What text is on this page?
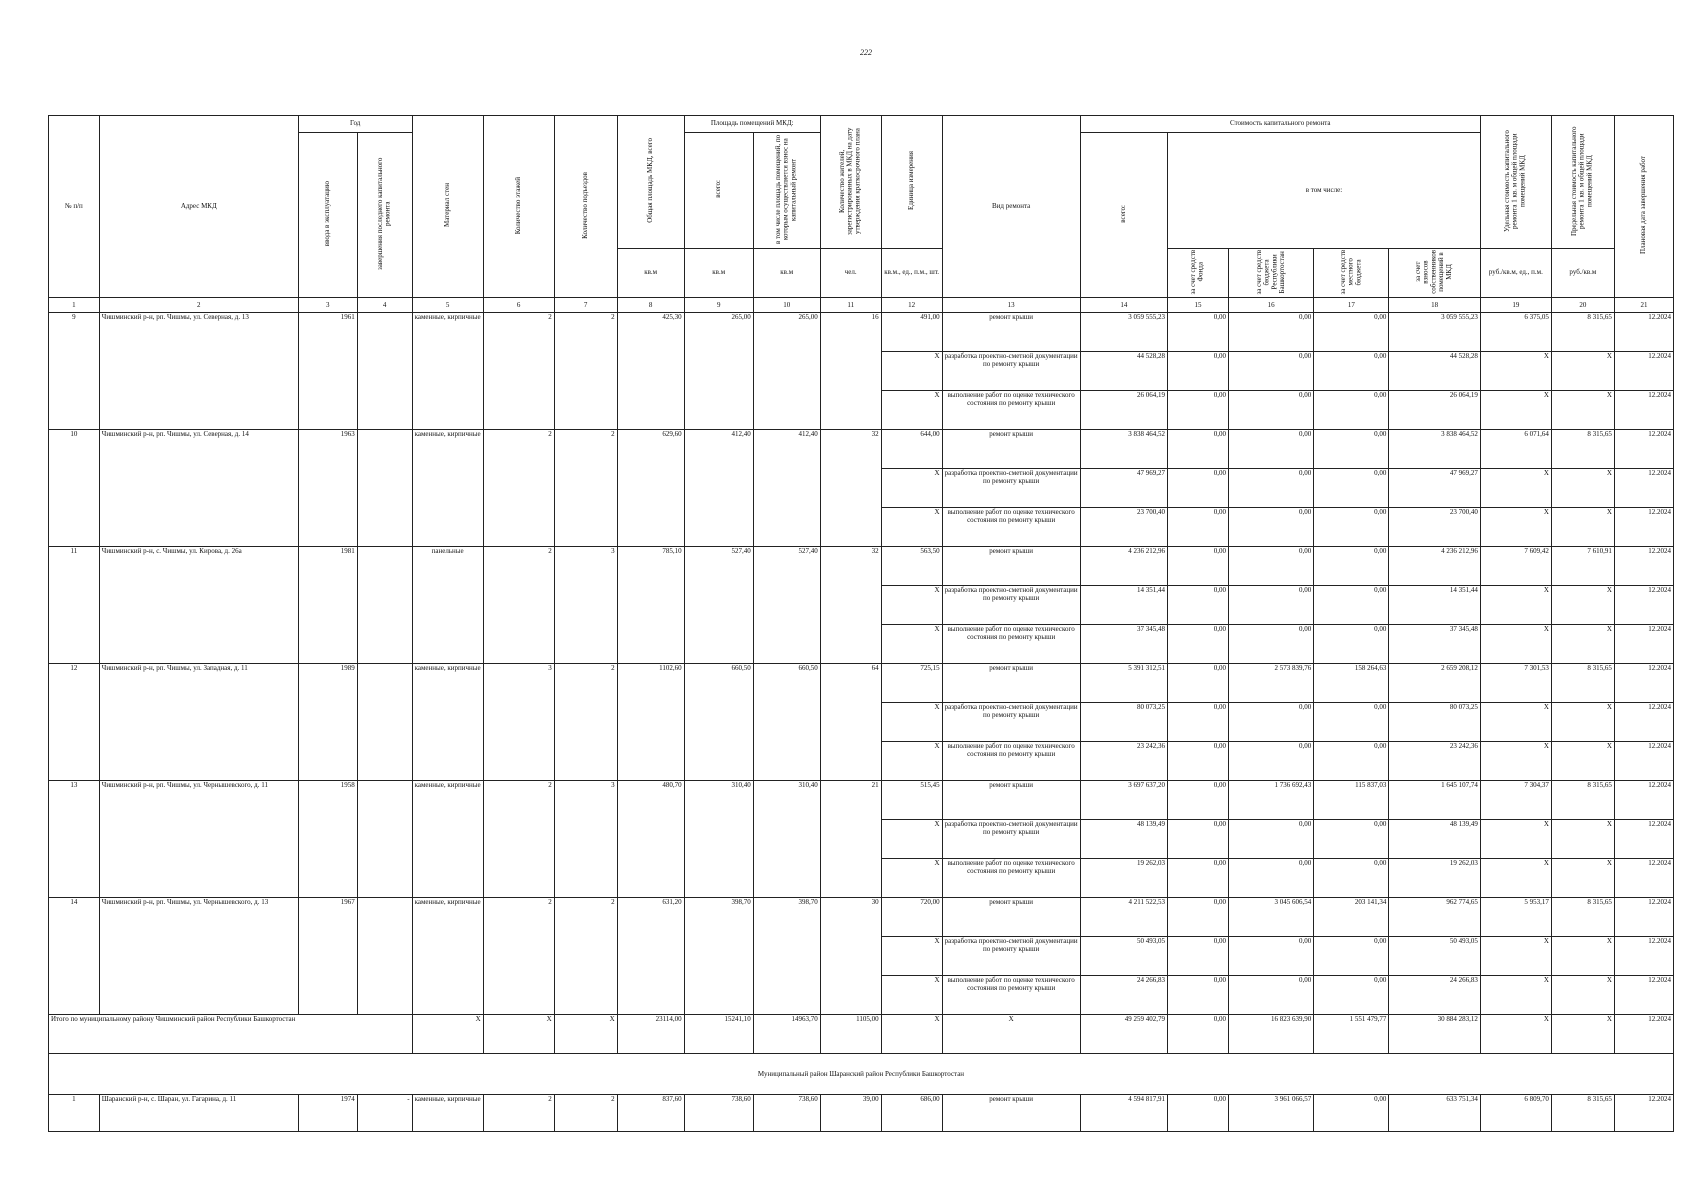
222
№ п/п	Адрес МКД	Год		Материал стен	Количество этажей	Количество подъездов	Общая площадь МКД, всего	Площадь помещений МКД:		Количество жителей, зарегистрированных в МКД на дату утверждения краткосрочного плана	Единица измерения	Вид ремонта	Стоимость капитального ремонта					Удельная стоимость капитального ремонта 1 кв. м общей площади помещений МКД	Предельная стоимость капитального ремонта 1 кв. м общей площади помещений МКД	Плановая дата завершения работ
		ввода в эксплуатацию	завершения последнего капитального ремонта					всего:	в том числе площадь помещений, по которым осуществляется взнос на капитальный ремонт				всего:	в том числе:						
							кв.м	кв.м	кв.м	чел.	кв.м., ед., п.м., шт.			за счет средств Фонда	за счет средств бюджета Республики Башкортостан	за счет средств местного бюджета	за счет взносов собственников помещений в МКД	руб./кв.м, ед., п.м.	руб./кв.м	
1	2	3	4	5	6	7	8	9	10	11	12	13	14	15	16	17	18	19	20	21
9	Чишминский р-н, рп. Чишмы, ул. Северная, д. 13	1961		каменные, кирпичные	2	2	425,30	265,00	265,00	16	491,00	ремонт крыши	3 059 555,23	0,00	0,00	0,00	3 059 555,23	6 375,05	8 315,65	12.2024
											X	разработка проектно-сметной документации по ремонту крыши	44 528,28	0,00	0,00	0,00	44 528,28	X	X	12.2024
											X	выполнение работ по оценке технического состояния по ремонту крыши	26 064,19	0,00	0,00	0,00	26 064,19	X	X	12.2024
10	Чишминский р-н, рп. Чишмы, ул. Северная, д. 14	1963		каменные, кирпичные	2	2	629,60	412,40	412,40	32	644,00	ремонт крыши	3 838 464,52	0,00	0,00	0,00	3 838 464,52	6 071,64	8 315,65	12.2024
											X	разработка проектно-сметной документации по ремонту крыши	47 969,27	0,00	0,00	0,00	47 969,27	X	X	12.2024
											X	выполнение работ по оценке технического состояния по ремонту крыши	23 700,40	0,00	0,00	0,00	23 700,40	X	X	12.2024
11	Чишминский р-н, с. Чишмы, ул. Кирова, д. 26а	1981		панельные	2	3	785,10	527,40	527,40	32	563,50	ремонт крыши	4 236 212,96	0,00	0,00	0,00	4 236 212,96	7 609,42	7 610,91	12.2024
											X	разработка проектно-сметной документации по ремонту крыши	14 351,44	0,00	0,00	0,00	14 351,44	X	X	12.2024
											X	выполнение работ по оценке технического состояния по ремонту крыши	37 345,48	0,00	0,00	0,00	37 345,48	X	X	12.2024
12	Чишминский р-н, рп. Чишмы, ул. Западная, д. 11	1989		каменные, кирпичные	3	2	1102,60	660,50	660,50	64	725,15	ремонт крыши	5 391 312,51	0,00	2 573 839,76	158 264,63	2 659 208,12	7 301,53	8 315,65	12.2024
											X	разработка проектно-сметной документации по ремонту крыши	80 073,25	0,00	0,00	0,00	80 073,25	X	X	12.2024
											X	выполнение работ по оценке технического состояния по ремонту крыши	23 242,36	0,00	0,00	0,00	23 242,36	X	X	12.2024
13	Чишминский р-н, рп. Чишмы, ул. Чернышевского, д. 11	1958		каменные, кирпичные	2	3	480,70	310,40	310,40	21	515,45	ремонт крыши	3 697 637,20	0,00	1 736 692,43	115 837,03	1 645 107,74	7 304,37	8 315,65	12.2024
											X	разработка проектно-сметной документации по ремонту крыши	48 139,49	0,00	0,00	0,00	48 139,49	X	X	12.2024
											X	выполнение работ по оценке технического состояния по ремонту крыши	19 262,03	0,00	0,00	0,00	19 262,03	X	X	12.2024
14	Чишминский р-н, рп. Чишмы, ул. Чернышевского, д. 13	1967		каменные, кирпичные	2	2	631,20	398,70	398,70	30	720,00	ремонт крыши	4 211 522,53	0,00	3 045 606,54	203 141,34	962 774,65	5 953,17	8 315,65	12.2024
											X	разработка проектно-сметной документации по ремонту крыши	50 493,05	0,00	0,00	0,00	50 493,05	X	X	12.2024
											X	выполнение работ по оценке технического состояния по ремонту крыши	24 266,83	0,00	0,00	0,00	24 266,83	X	X	12.2024
Итого по муниципальному району Чишминский район Республики Башкортостан				X	X	X	23114,00	15241,10	14963,70	1105,00	X	X	49 259 402,79	0,00	16 823 639,90	1 551 479,77	30 884 283,12	X	X	12.2024
Муниципальный район Шаранский район Республики Башкортостан																				
1	Шаранский р-н, с. Шаран, ул. Гагарина, д. 11	1974	-	каменные, кирпичные	2	2	837,60	738,60	738,60	39,00	686,00	ремонт крыши	4 594 817,91	0,00	3 961 066,57	0,00	633 751,34	6 809,70	8 315,65	12.2024
